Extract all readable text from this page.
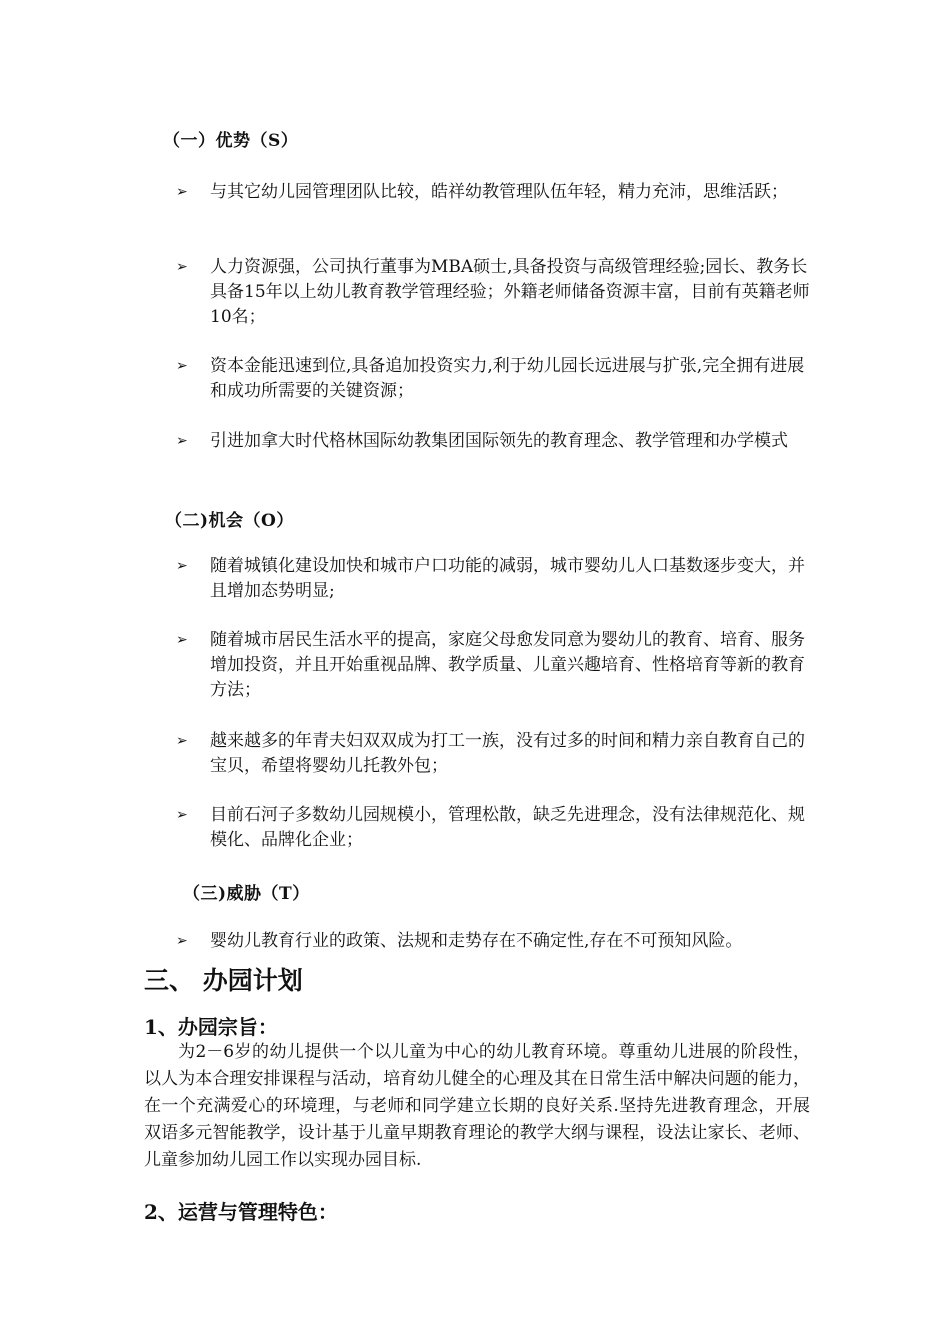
（一）优势（S）
➢	与其它幼儿园管理团队比较，皓祥幼教管理队伍年轻，精力充沛，思维活跃；
➢	人力资源强，公司执行董事为MBA硕士,具备投资与高级管理经验;园长、教务长具备15年以上幼儿教育教学管理经验；外籍老师储备资源丰富，目前有英籍老师10名；
➢	资本金能迅速到位,具备追加投资实力,利于幼儿园长远进展与扩张,完全拥有进展和成功所需要的关键资源；
➢	引进加拿大时代格林国际幼教集团国际领先的教育理念、教学管理和办学模式
（二)机会（O）
➢	随着城镇化建设加快和城市户口功能的减弱，城市婴幼儿人口基数逐步变大，并且增加态势明显;
➢	随着城市居民生活水平的提高，家庭父母愈发同意为婴幼儿的教育、培育、服务增加投资，并且开始重视品牌、教学质量、儿童兴趣培育、性格培育等新的教育方法；
➢	越来越多的年青夫妇双双成为打工一族，没有过多的时间和精力亲自教育自己的宝贝，希望将婴幼儿托教外包；
➢	目前石河子多数幼儿园规模小，管理松散，缺乏先进理念，没有法律规范化、规模化、品牌化企业；
（三)威胁（T）
➢	婴幼儿教育行业的政策、法规和走势存在不确定性,存在不可预知风险。
三、 办园计划
1、办园宗旨：
为2－6岁的幼儿提供一个以儿童为中心的幼儿教育环境。尊重幼儿进展的阶段性，以人为本合理安排课程与活动，培育幼儿健全的心理及其在日常生活中解决问题的能力，在一个充满爱心的环境理，与老师和同学建立长期的良好关系.坚持先进教育理念，开展双语多元智能教学，设计基于儿童早期教育理论的教学大纲与课程，设法让家长、老师、儿童参加幼儿园工作以实现办园目标.
2、运营与管理特色：
